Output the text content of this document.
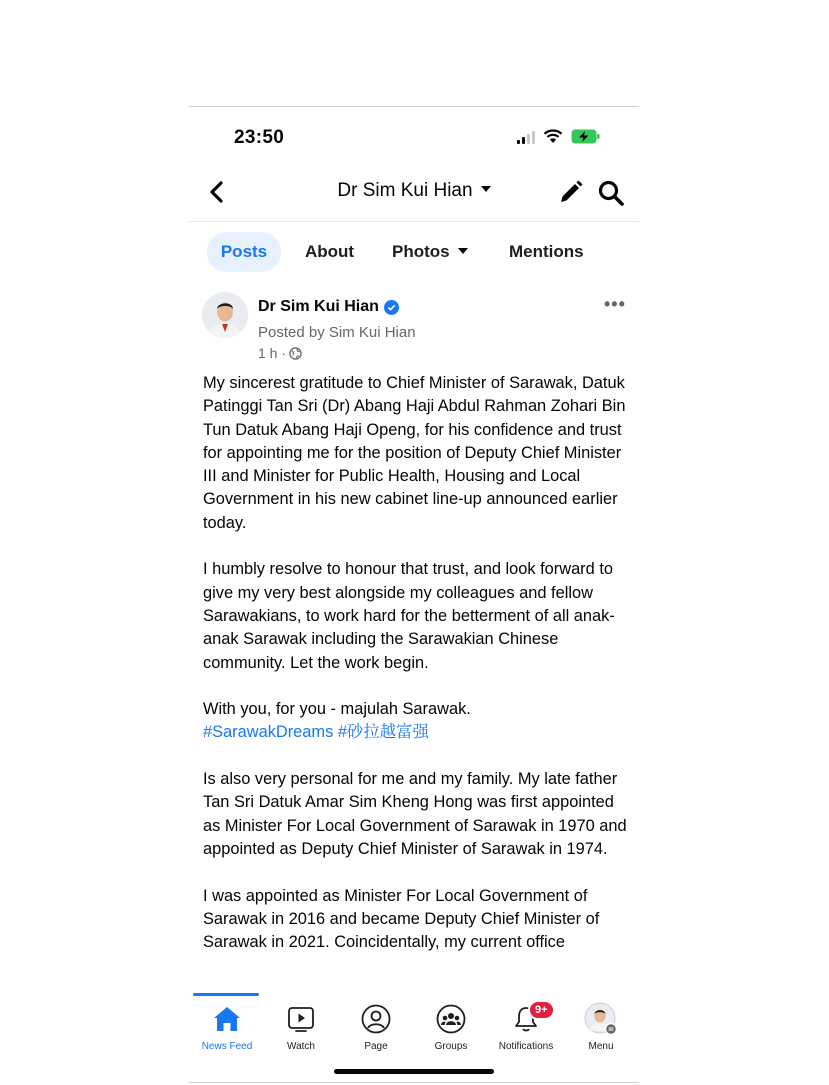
23:50
Dr Sim Kui Hian
Posts	About Photos	Mentions
Dr Sim Kui Hian
Posted by Sim Kui Hian
1 h ·
•••

My sincerest gratitude to Chief Minister of Sarawak, Datuk Patinggi Tan Sri (Dr) Abang Haji Abdul Rahman Zohari Bin Tun Datuk Abang Haji Openg, for his confidence and trust for appointing me for the position of Deputy Chief Minister III and Minister for Public Health, Housing and Local Government in his new cabinet line-up announced earlier today.

I humbly resolve to honour that trust, and look forward to give my very best alongside my colleagues and fellow Sarawakians, to work hard for the betterment of all anak-anak Sarawak including the Sarawakian Chinese community. Let the work begin.

With you, for you - majulah Sarawak.
#SarawakDreams #砂拉越富强

Is also very personal for me and my family. My late father Tan Sri Datuk Amar Sim Kheng Hong was first appointed as Minister For Local Government of Sarawak in 1970 and appointed as Deputy Chief Minister of Sarawak in 1974.

I was appointed as Minister For Local Government of Sarawak in 2016 and became Deputy Chief Minister of Sarawak in 2021. Coincidentally, my current office

News Feed	Watch	Page	Groups
9+
Notifications	Menu
